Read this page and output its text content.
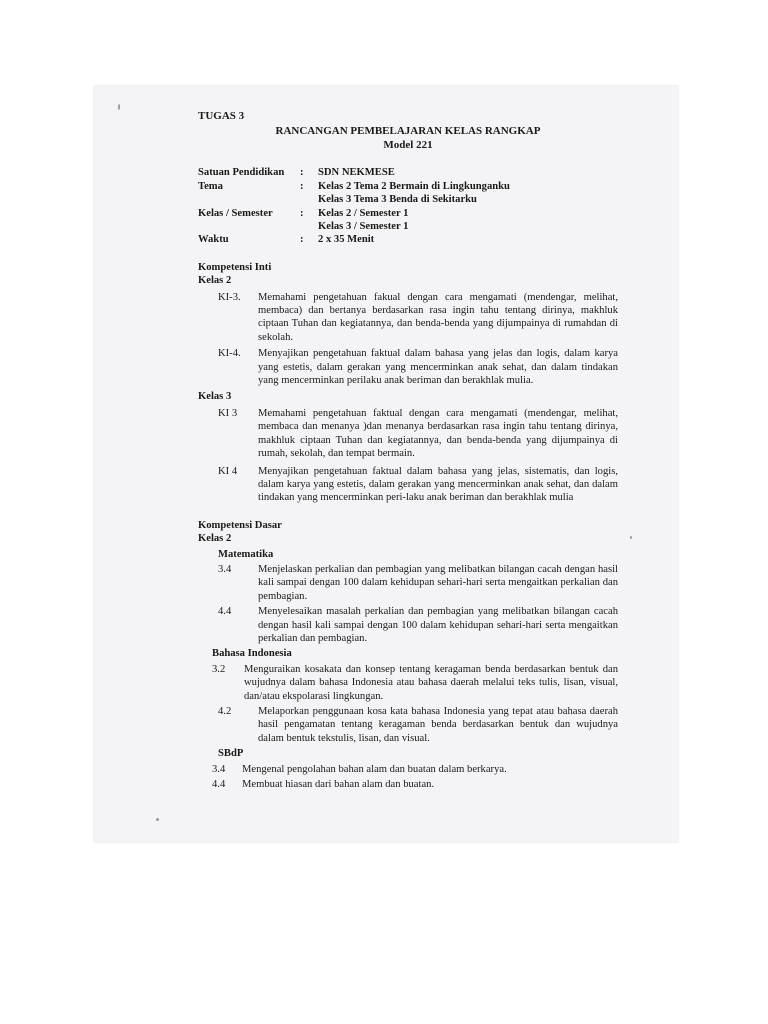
TUGAS 3
RANCANGAN PEMBELAJARAN KELAS RANGKAP
Model 221
Satuan Pendidikan	:	SDN NEKMESE
Tema	:	Kelas 2 Tema 2 Bermain di Lingkunganku
Kelas 3 Tema 3 Benda di Sekitarku
Kelas / Semester	:	Kelas 2 / Semester 1
Kelas 3 / Semester 1
Waktu	:	2 x 35 Menit
Kompetensi Inti
Kelas 2
KI-3.	Memahami pengetahuan fakual dengan cara mengamati (mendengar, melihat, membaca) dan bertanya berdasarkan rasa ingin tahu tentang dirinya, makhluk ciptaan Tuhan dan kegiatannya, dan benda-benda yang dijumpainya di rumahdan di sekolah.
KI-4.	Menyajikan pengetahuan faktual dalam bahasa yang jelas dan logis, dalam karya yang estetis, dalam gerakan yang mencerminkan anak sehat, dan dalam tindakan yang mencerminkan perilaku anak beriman dan berakhlak mulia.
Kelas 3
KI 3	Memahami pengetahuan faktual dengan cara mengamati (mendengar, melihat, membaca dan menanya )dan menanya berdasarkan rasa ingin tahu tentang dirinya, makhluk ciptaan Tuhan dan kegiatannya, dan benda-benda yang dijumpainya di rumah, sekolah, dan tempat bermain.
KI 4	Menyajikan pengetahuan faktual dalam bahasa yang jelas, sistematis, dan logis, dalam karya yang estetis, dalam gerakan yang mencerminkan anak sehat, dan dalam tindakan yang mencerminkan peri-laku anak beriman dan berakhlak mulia
Kompetensi Dasar
Kelas 2
Matematika
3.4	Menjelaskan perkalian dan pembagian yang melibatkan bilangan cacah dengan hasil kali sampai dengan 100 dalam kehidupan sehari-hari serta mengaitkan perkalian dan pembagian.
4.4	Menyelesaikan masalah perkalian dan pembagian yang melibatkan bilangan cacah dengan hasil kali sampai dengan 100 dalam kehidupan sehari-hari serta mengaitkan perkalian dan pembagian.
Bahasa Indonesia
3.2	Menguraikan kosakata dan konsep tentang keragaman benda berdasarkan bentuk dan wujudnya dalam bahasa Indonesia atau bahasa daerah melalui teks tulis, lisan, visual, dan/atau ekspolarasi lingkungan.
4.2	Melaporkan penggunaan kosa kata bahasa Indonesia yang tepat atau bahasa daerah hasil pengamatan tentang keragaman benda berdasarkan bentuk dan wujudnya dalam bentuk tekstulis, lisan, dan visual.
SBdP
3.4	Mengenal pengolahan bahan alam dan buatan dalam berkarya.
4.4	Membuat hiasan dari bahan alam dan buatan.
